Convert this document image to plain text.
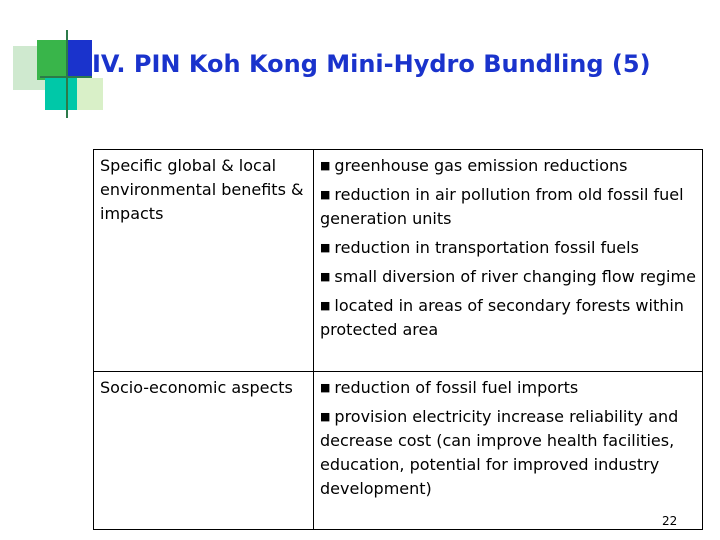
IV. PIN Koh Kong Mini-Hydro Bundling (5)
Specific global & local environmental benefits & impacts	■ greenhouse gas emission reductions
■ reduction in air pollution from old fossil fuel generation units
■ reduction in transportation fossil fuels
■ small diversion of river changing flow regime
■ located in areas of secondary forests within protected area

Socio-economic aspects	■ reduction of fossil fuel imports
■ provision electricity increase reliability and decrease cost (can improve health facilities, education, potential for improved industry development)
22
